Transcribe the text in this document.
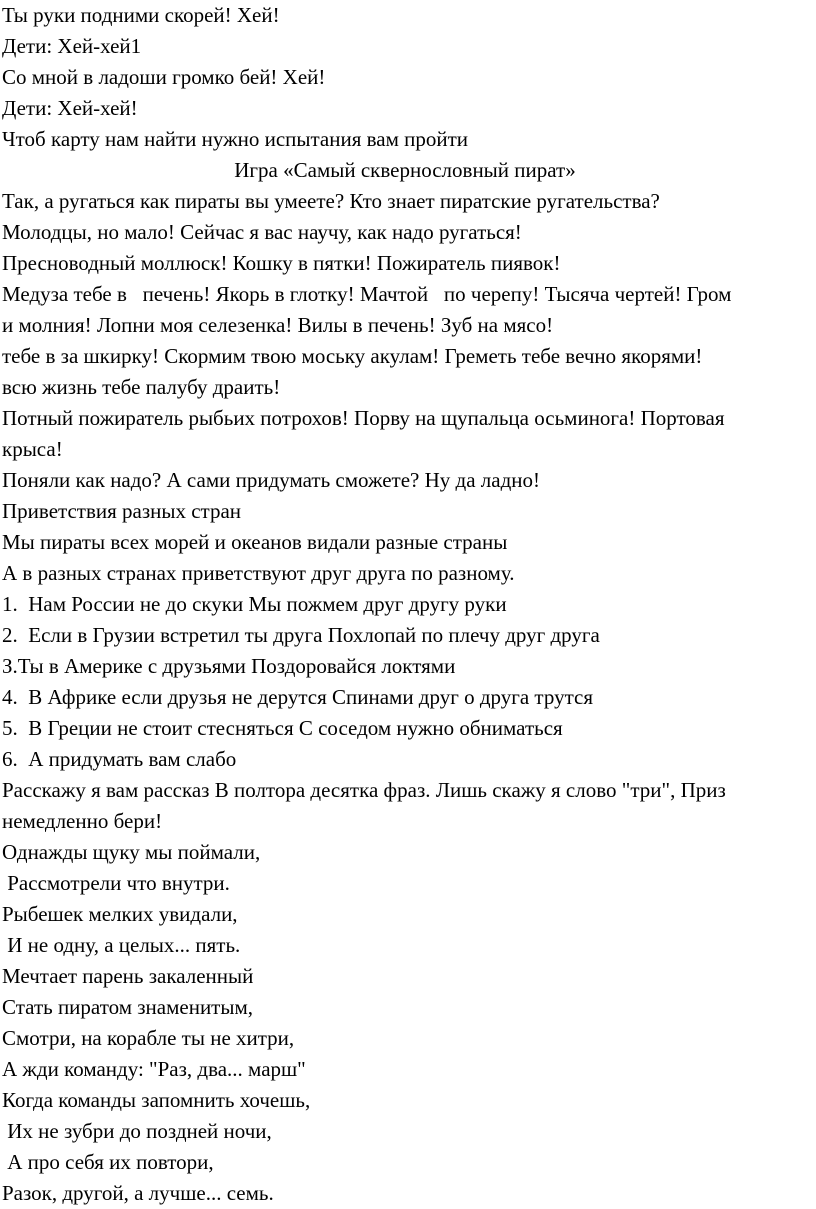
Ты руки подними скорей! Хей!
Дети: Хей-хей1
Со мной в ладоши громко бей! Хей!
Дети: Хей-хей!
Чтоб карту нам найти нужно испытания вам пройти
Игра «Самый сквернословный пират»
Так, а ругаться как пираты вы умеете? Кто знает пиратские ругательства?
Молодцы, но мало! Сейчас я вас научу, как надо ругаться!
Пресноводный моллюск! Кошку в пятки! Пожиратель пиявок!
Медуза тебе в   печень! Якорь в глотку! Мачтой   по черепу! Тысяча чертей! Гром
и молния! Лопни моя селезенка! Вилы в печень! Зуб на мясо!
тебе в за шкирку! Скормим твою моську акулам! Греметь тебе вечно якорями!
всю жизнь тебе палубу драить!
Потный пожиратель рыбьих потрохов! Порву на щупальца осьминога! Портовая
крыса!
Поняли как надо? А сами придумать сможете? Ну да ладно!
Приветствия разных стран
Мы пираты всех морей и океанов видали разные страны
А в разных странах приветствуют друг друга по разному.
1.  Нам России не до скуки Мы пожмем друг другу руки
2.  Если в Грузии встретил ты друга Похлопай по плечу друг друга
З.Ты в Америке с друзьями Поздоровайся локтями
4.  В Африке если друзья не дерутся Спинами друг о друга трутся
5.  В Греции не стоит стесняться С соседом нужно обниматься
6.  А придумать вам слабо
Расскажу я вам рассказ В полтора десятка фраз. Лишь скажу я слово "три", Приз
немедленно бери!
Однажды щуку мы поймали,
Рассмотрели что внутри.
Рыбешек мелких увидали,
И не одну, а целых... пять.
Мечтает парень закаленный
Стать пиратом знаменитым,
Смотри, на корабле ты не хитри,
А жди команду: "Раз, два... марш"
Когда команды запомнить хочешь,
Их не зубри до поздней ночи,
А про себя их повтори,
Разок, другой, а лучше... семь.
